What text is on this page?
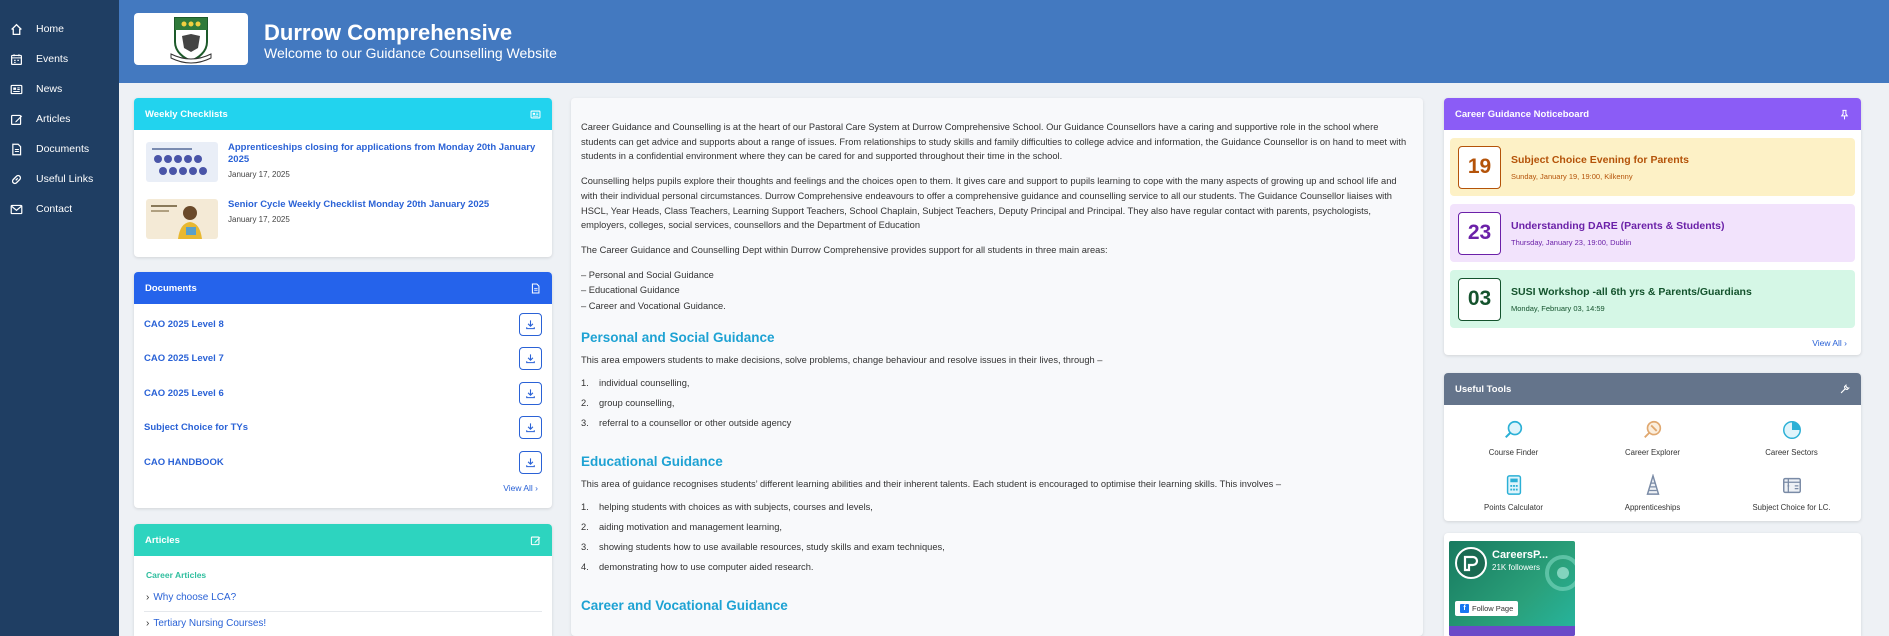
Home
Events
News
Articles
Documents
Useful Links
Contact
Durrow Comprehensive
Welcome to our Guidance Counselling Website
Weekly Checklists
Apprenticeships closing for applications from Monday 20th January 2025
January 17, 2025
Senior Cycle Weekly Checklist Monday 20th January 2025
January 17, 2025
Documents
CAO 2025 Level 8
CAO 2025 Level 7
CAO 2025 Level 6
Subject Choice for TYs
CAO HANDBOOK
View All ›
Articles
Career Articles
› Why choose LCA?
› Tertiary Nursing Courses!

Career Guidance and Counselling is at the heart of our Pastoral Care System at Durrow Comprehensive School. Our Guidance Counsellors have a caring and supportive role in the school where students can get advice and supports about a range of issues. From relationships to study skills and family difficulties to college advice and information, the Guidance Counsellor is on hand to meet with students in a confidential environment where they can be cared for and supported throughout their time in the school.

Counselling helps pupils explore their thoughts and feelings and the choices open to them. It gives care and support to pupils learning to cope with the many aspects of growing up and school life and with their individual personal circumstances. Durrow Comprehensive endeavours to offer a comprehensive guidance and counselling service to all our students. The Guidance Counsellor liaises with HSCL, Year Heads, Class Teachers, Learning Support Teachers, School Chaplain, Subject Teachers, Deputy Principal and Principal. They also have regular contact with parents, psychologists, employers, colleges, social services, counsellors and the Department of Education

The Career Guidance and Counselling Dept within Durrow Comprehensive provides support for all students in three main areas:

– Personal and Social Guidance
– Educational Guidance
– Career and Vocational Guidance.
Personal and Social Guidance

This area empowers students to make decisions, solve problems, change behaviour and resolve issues in their lives, through –

1.	individual counselling,
2.	group counselling,
3.	referral to a counsellor or other outside agency
Educational Guidance

This area of guidance recognises students’ different learning abilities and their inherent talents. Each student is encouraged to optimise their learning skills. This involves –

1.	helping students with choices as with subjects, courses and levels,
2.	aiding motivation and management learning,
3.	showing students how to use available resources, study skills and exam techniques,
4.	demonstrating how to use computer aided research.
Career and Vocational Guidance
Career Guidance Noticeboard
19	Subject Choice Evening for Parents
Sunday, January 19, 19:00, Kilkenny
23	Understanding DARE (Parents & Students)
Thursday, January 23, 19:00, Dublin
03	SUSI Workshop -all 6th yrs & Parents/Guardians
Monday, February 03, 14:59
View All ›
Useful Tools
Course Finder	Career Explorer	Career Sectors
Points Calculator	Apprenticeships	Subject Choice for LC.
CareersP...
21K followers
f Follow Page
